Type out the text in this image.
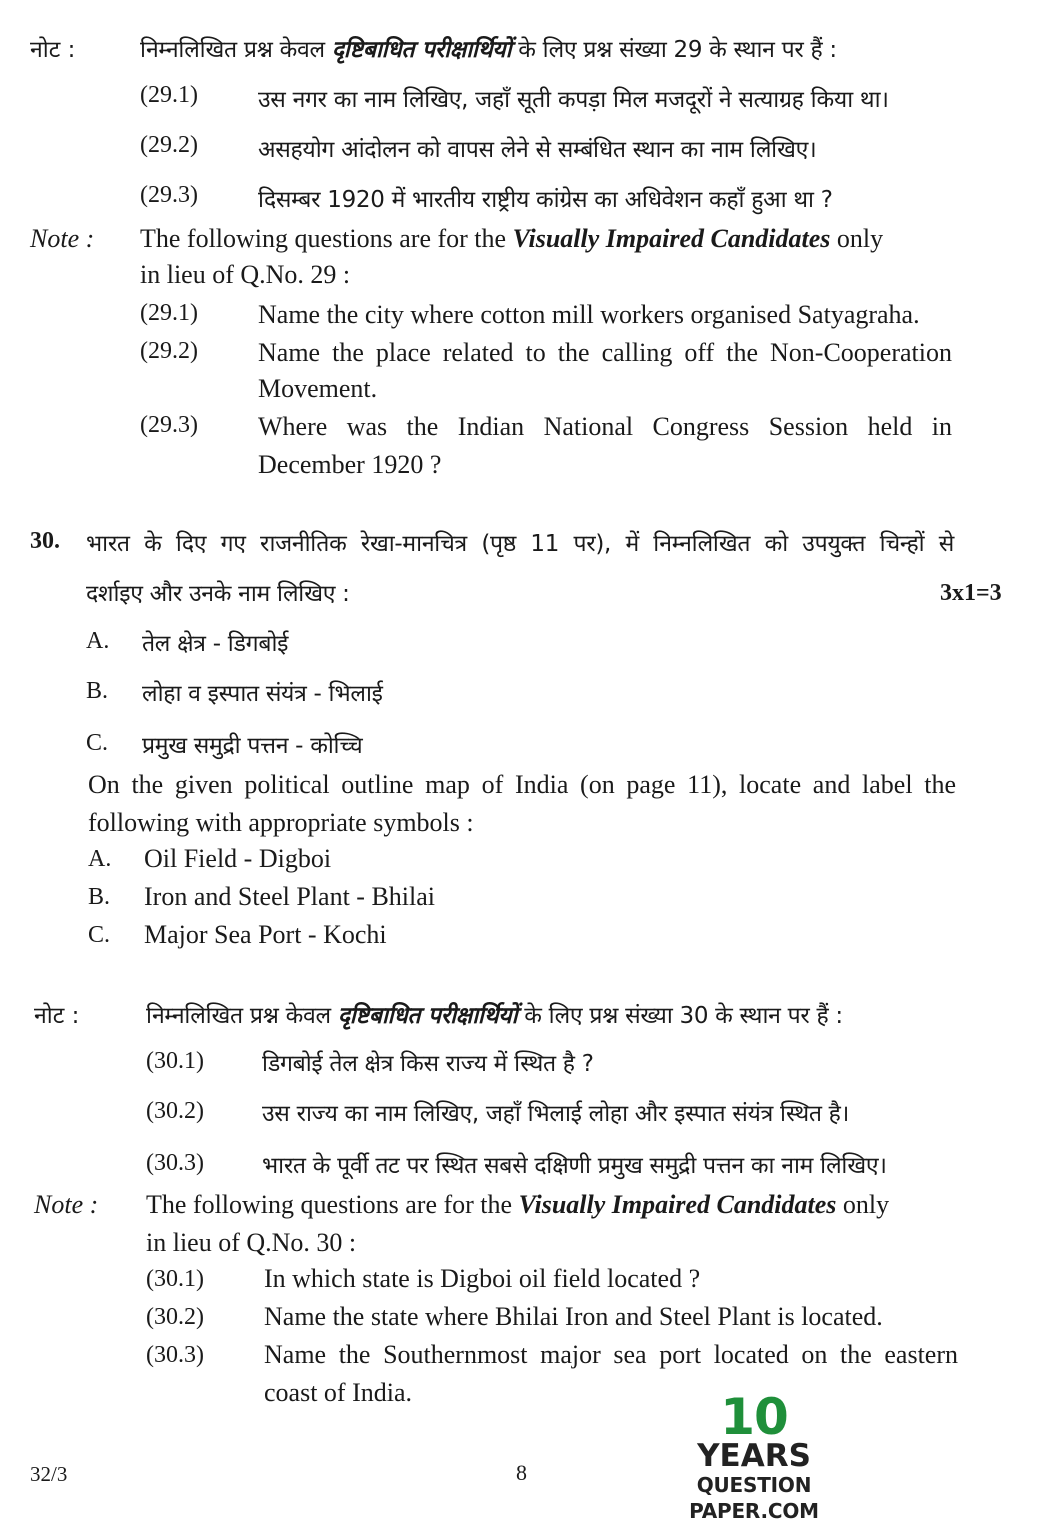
नोट :	निम्नलिखित प्रश्न केवल दृष्टिबाधित परीक्षार्थियों के लिए प्रश्न संख्या 29 के स्थान पर हैं :
(29.1)	उस नगर का नाम लिखिए, जहाँ सूती कपड़ा मिल मजदूरों ने सत्याग्रह किया था।
(29.2)	असहयोग आंदोलन को वापस लेने से सम्बंधित स्थान का नाम लिखिए।
(29.3)	दिसम्बर 1920 में भारतीय राष्ट्रीय कांग्रेस का अधिवेशन कहाँ हुआ था ?
Note : The following questions are for the Visually Impaired Candidates only
in lieu of Q.No. 29 :
(29.1) Name the city where cotton mill workers organised Satyagraha.
(29.2) Name the place related to the calling off the Non-Cooperation
Movement.
(29.3) Where was the Indian National Congress Session held in
December 1920 ?
30. भारत के दिए गए राजनीतिक रेखा-मानचित्र (पृष्ठ 11 पर), में निम्नलिखित को उपयुक्त चिन्हों से
दर्शाइए और उनके नाम लिखिए :	3x1=3
A. तेल क्षेत्र - डिगबोई
B. लोहा व इस्पात संयंत्र - भिलाई
C. प्रमुख समुद्री पत्तन - कोच्चि
On the given political outline map of India (on page 11), locate and label the
following with appropriate symbols :
A. Oil Field - Digboi
B. Iron and Steel Plant - Bhilai
C. Major Sea Port - Kochi
नोट :	निम्नलिखित प्रश्न केवल दृष्टिबाधित परीक्षार्थियों के लिए प्रश्न संख्या 30 के स्थान पर हैं :
(30.1)	डिगबोई तेल क्षेत्र किस राज्य में स्थित है ?
(30.2)	उस राज्य का नाम लिखिए, जहाँ भिलाई लोहा और इस्पात संयंत्र स्थित है।
(30.3)	भारत के पूर्वी तट पर स्थित सबसे दक्षिणी प्रमुख समुद्री पत्तन का नाम लिखिए।
Note : The following questions are for the Visually Impaired Candidates only
in lieu of Q.No. 30 :
(30.1) In which state is Digboi oil field located ?
(30.2) Name the state where Bhilai Iron and Steel Plant is located.
(30.3) Name the Southernmost major sea port located on the eastern
coast of India.
32/3	8
10
YEARS
QUESTION PAPER.COM
